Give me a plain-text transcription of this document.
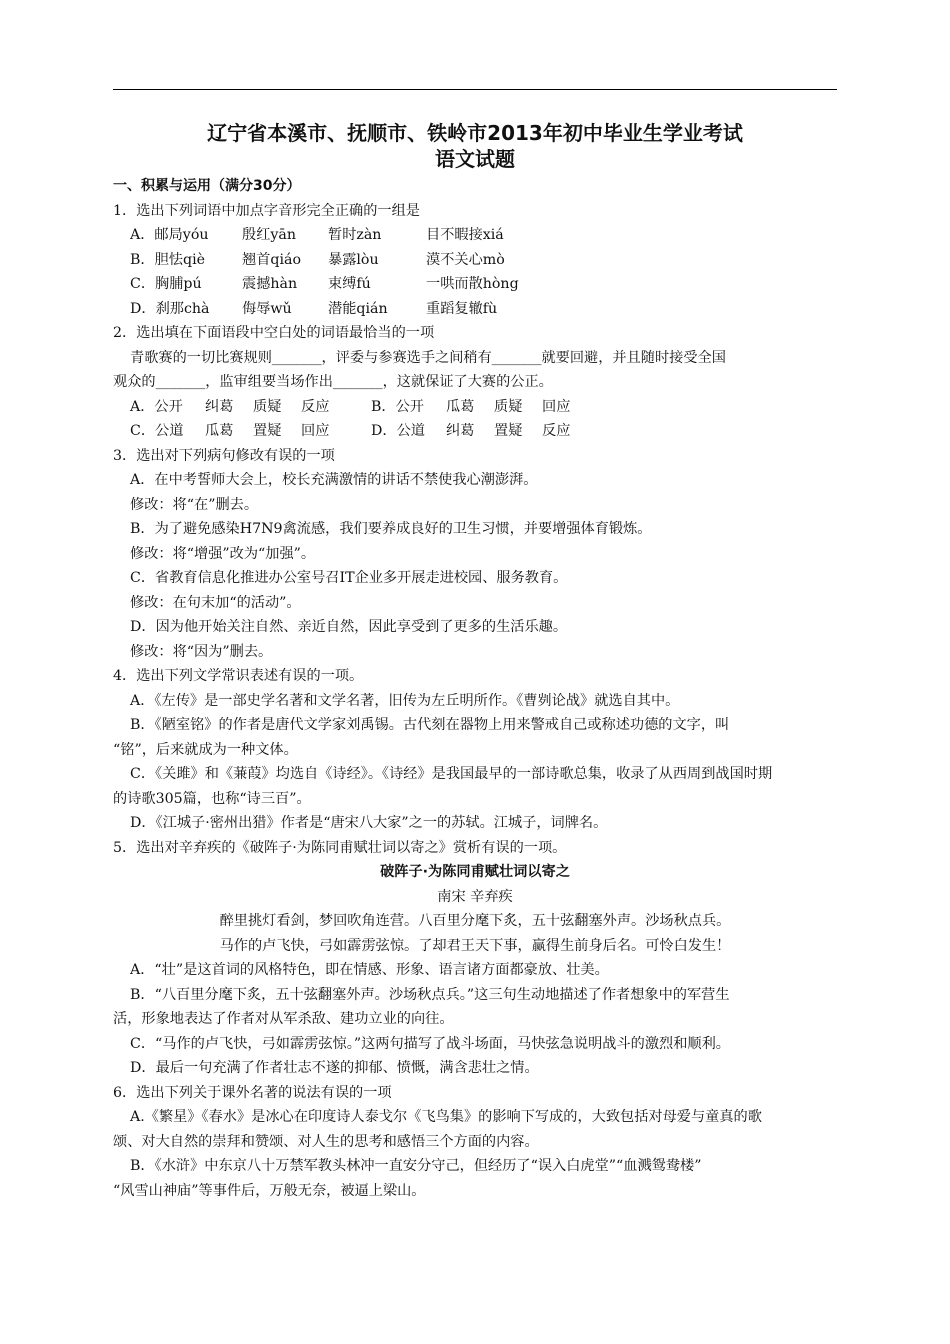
辽宁省本溪市、抚顺市、铁岭市2013年初中毕业生学业考试
语文试题
一、积累与运用（满分30分）

1．选出下列词语中加点字音形完全正确的一组是

A．邮局yóu	殷红yān	暂时zàn	目不暇接xiá
B．胆怯qiè	翘首qiáo	暴露lòu	漠不关心mò
C．胸脯pú	震撼hàn	束缚fú	一哄而散hòng
D．刹那chà	侮辱wǔ	潜能qián	重蹈复辙fù

2．选出填在下面语段中空白处的词语最恰当的一项

青歌赛的一切比赛规则_______，评委与参赛选手之间稍有_______就要回避，并且随时接受全国

观众的_______，监审组要当场作出_______，这就保证了大赛的公正。

A．公开	纠葛	质疑	反应	B．公开	瓜葛	质疑	回应
C．公道	瓜葛	置疑	回应	D．公道	纠葛	置疑	反应

3．选出对下列病句修改有误的一项

A．在中考誓师大会上，校长充满激情的讲话不禁使我心潮澎湃。

修改：将“在”删去。

B．为了避免感染H7N9禽流感，我们要养成良好的卫生习惯，并要增强体育锻炼。

修改：将“增强”改为“加强”。

C．省教育信息化推进办公室号召IT企业多开展走进校园、服务教育。

修改：在句末加“的活动”。

D．因为他开始关注自然、亲近自然，因此享受到了更多的生活乐趣。

修改：将“因为”删去。

4．选出下列文学常识表述有误的一项。

A．《左传》是一部史学名著和文学名著，旧传为左丘明所作。《曹刿论战》就选自其中。

B．《陋室铭》的作者是唐代文学家刘禹锡。古代刻在器物上用来警戒自己或称述功德的文字，叫

“铭”，后来就成为一种文体。

C．《关雎》和《蒹葭》均选自《诗经》。《诗经》是我国最早的一部诗歌总集，收录了从西周到战国时期

的诗歌305篇，也称“诗三百”。

D．《江城子·密州出猎》作者是“唐宋八大家”之一的苏轼。江城子，词牌名。

5．选出对辛弃疾的《破阵子·为陈同甫赋壮词以寄之》赏析有误的一项。

破阵子·为陈同甫赋壮词以寄之

南宋 辛弃疾

醉里挑灯看剑，梦回吹角连营。八百里分麾下炙，五十弦翻塞外声。沙场秋点兵。

马作的卢飞快，弓如霹雳弦惊。了却君王天下事，赢得生前身后名。可怜白发生！

A．“壮”是这首词的风格特色，即在情感、形象、语言诸方面都豪放、壮美。

B．“八百里分麾下炙，五十弦翻塞外声。沙场秋点兵。”这三句生动地描述了作者想象中的军营生

活，形象地表达了作者对从军杀敌、建功立业的向往。

C．“马作的卢飞快，弓如霹雳弦惊。”这两句描写了战斗场面，马快弦急说明战斗的激烈和顺利。

D．最后一句充满了作者壮志不遂的抑郁、愤慨，满含悲壮之情。

6．选出下列关于课外名著的说法有误的一项

A.《繁星》《春水》是冰心在印度诗人泰戈尔《飞鸟集》的影响下写成的，大致包括对母爱与童真的歌

颂、对大自然的崇拜和赞颂、对人生的思考和感悟三个方面的内容。

B．《水浒》中东京八十万禁军教头林冲一直安分守己，但经历了“误入白虎堂”“血溅鸳鸯楼”

“风雪山神庙”等事件后，万般无奈，被逼上梁山。
